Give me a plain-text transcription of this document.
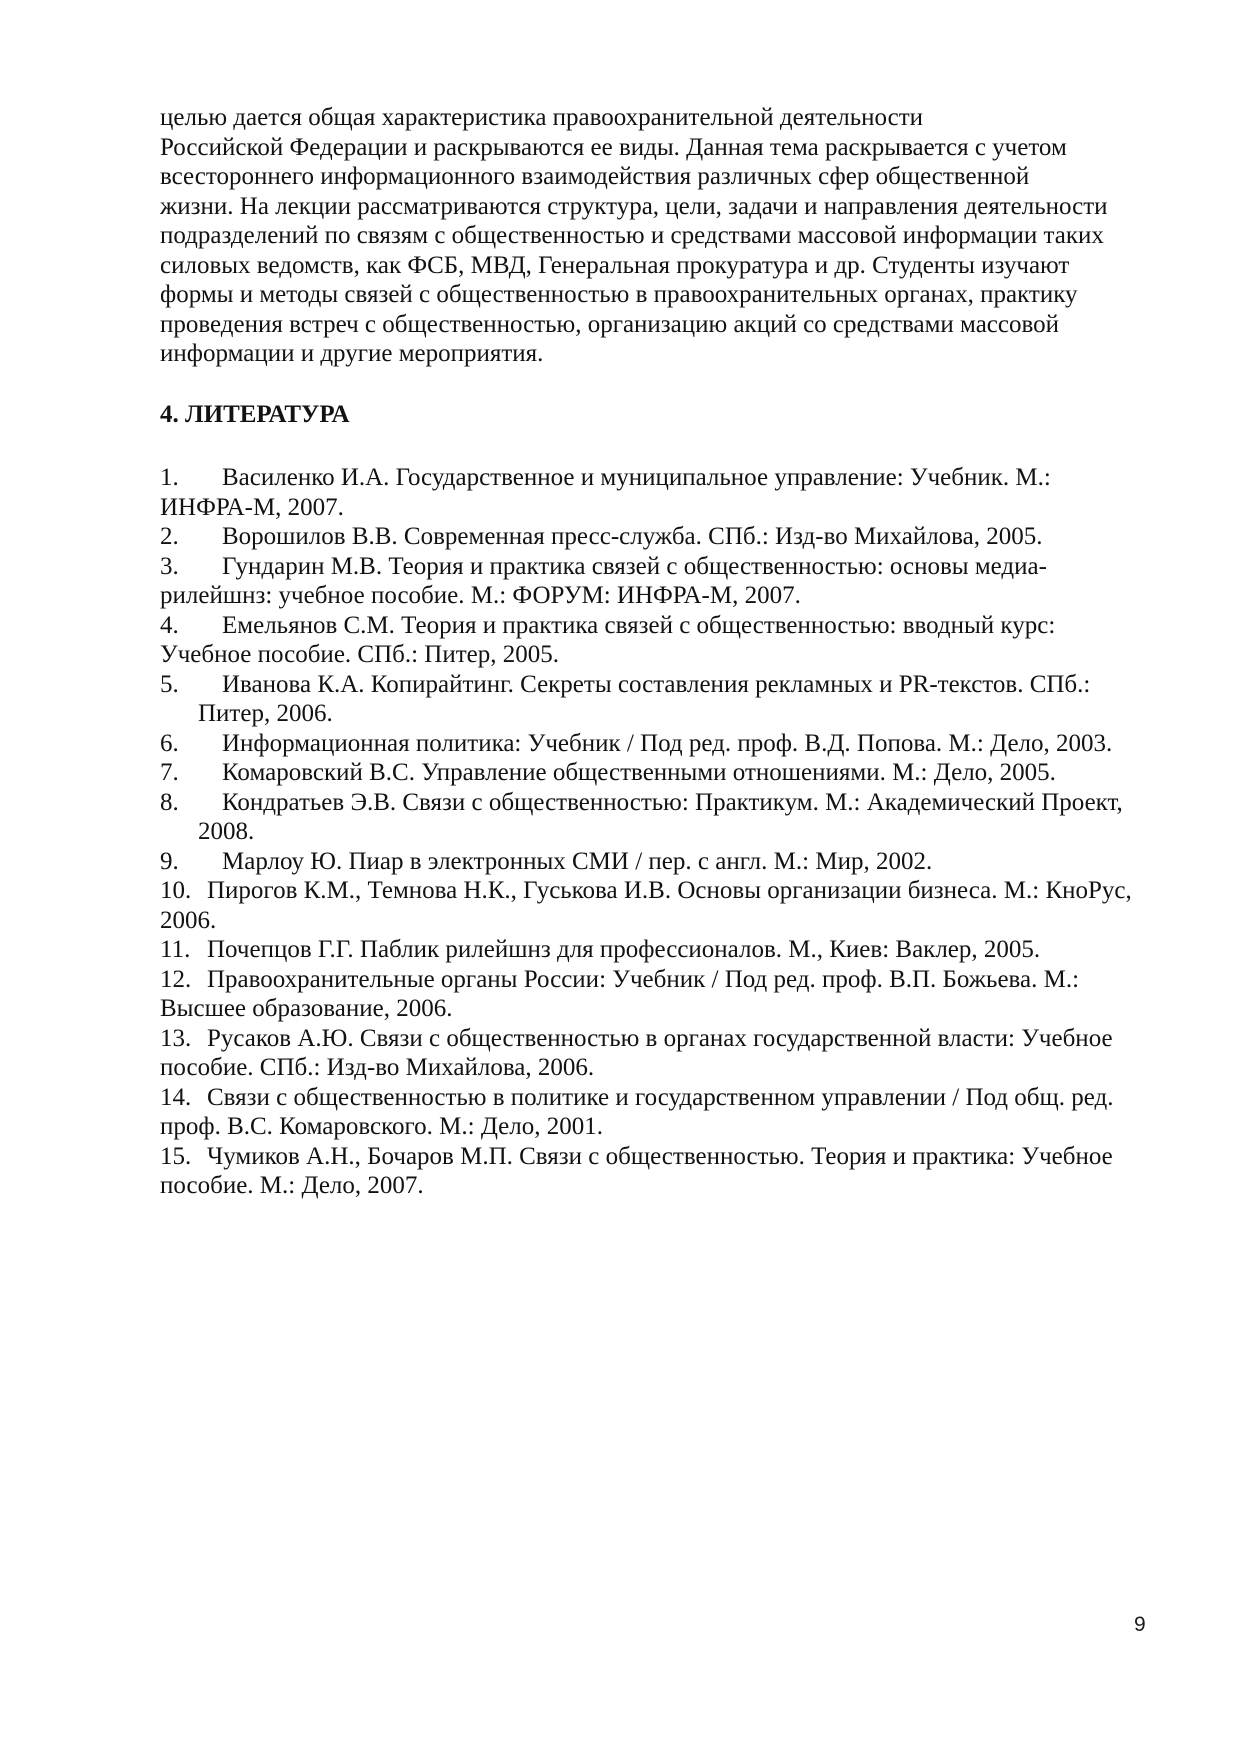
целью дается общая характеристика правоохранительной деятельности
Российской Федерации и раскрываются ее виды. Данная тема раскрывается с учетом
всестороннего информационного взаимодействия различных сфер общественной
жизни. На лекции рассматриваются структура, цели, задачи и направления деятельности
подразделений по связям с общественностью и средствами массовой информации таких
силовых ведомств, как ФСБ, МВД, Генеральная прокуратура и др. Студенты изучают
формы и методы связей с общественностью в правоохранительных органах, практику
проведения встреч с общественностью, организацию акций со средствами массовой
информации и другие мероприятия.
4. ЛИТЕРАТУРА
1.	Василенко И.А. Государственное и муниципальное управление: Учебник. М.:
ИНФРА-М, 2007.
2.	Ворошилов В.В. Современная пресс-служба. СПб.: Изд-во Михайлова, 2005.
3.	Гундарин М.В. Теория и практика связей с общественностью: основы медиа-
рилейшнз: учебное пособие. М.: ФОРУМ: ИНФРА-М, 2007.
4.	Емельянов С.М. Теория и практика связей с общественностью: вводный курс:
Учебное пособие. СПб.: Питер, 2005.
5.	Иванова К.А. Копирайтинг. Секреты составления рекламных и PR-текстов. СПб.:
Питер, 2006.
6.	Информационная политика: Учебник / Под ред. проф. В.Д. Попова. М.: Дело, 2003.
7.	Комаровский В.С. Управление общественными отношениями. М.: Дело, 2005.
8.	Кондратьев Э.В. Связи с общественностью: Практикум. М.: Академический Проект,
2008.
9.	Марлоу Ю. Пиар в электронных СМИ / пер. с англ. М.: Мир, 2002.
10. Пирогов К.М., Темнова Н.К., Гуськова И.В. Основы организации бизнеса. М.: КноРус,
2006.
11. Почепцов Г.Г. Паблик рилейшнз для профессионалов. М., Киев: Ваклер, 2005.
12. Правоохранительные органы России: Учебник / Под ред. проф. В.П. Божьева. М.:
Высшее образование, 2006.
13. Русаков А.Ю. Связи с общественностью в органах государственной власти: Учебное
пособие. СПб.: Изд-во Михайлова, 2006.
14. Связи с общественностью в политике и государственном управлении / Под общ. ред.
проф. В.С. Комаровского. М.: Дело, 2001.
15. Чумиков А.Н., Бочаров М.П. Связи с общественностью. Теория и практика: Учебное
пособие. М.: Дело, 2007.
9
